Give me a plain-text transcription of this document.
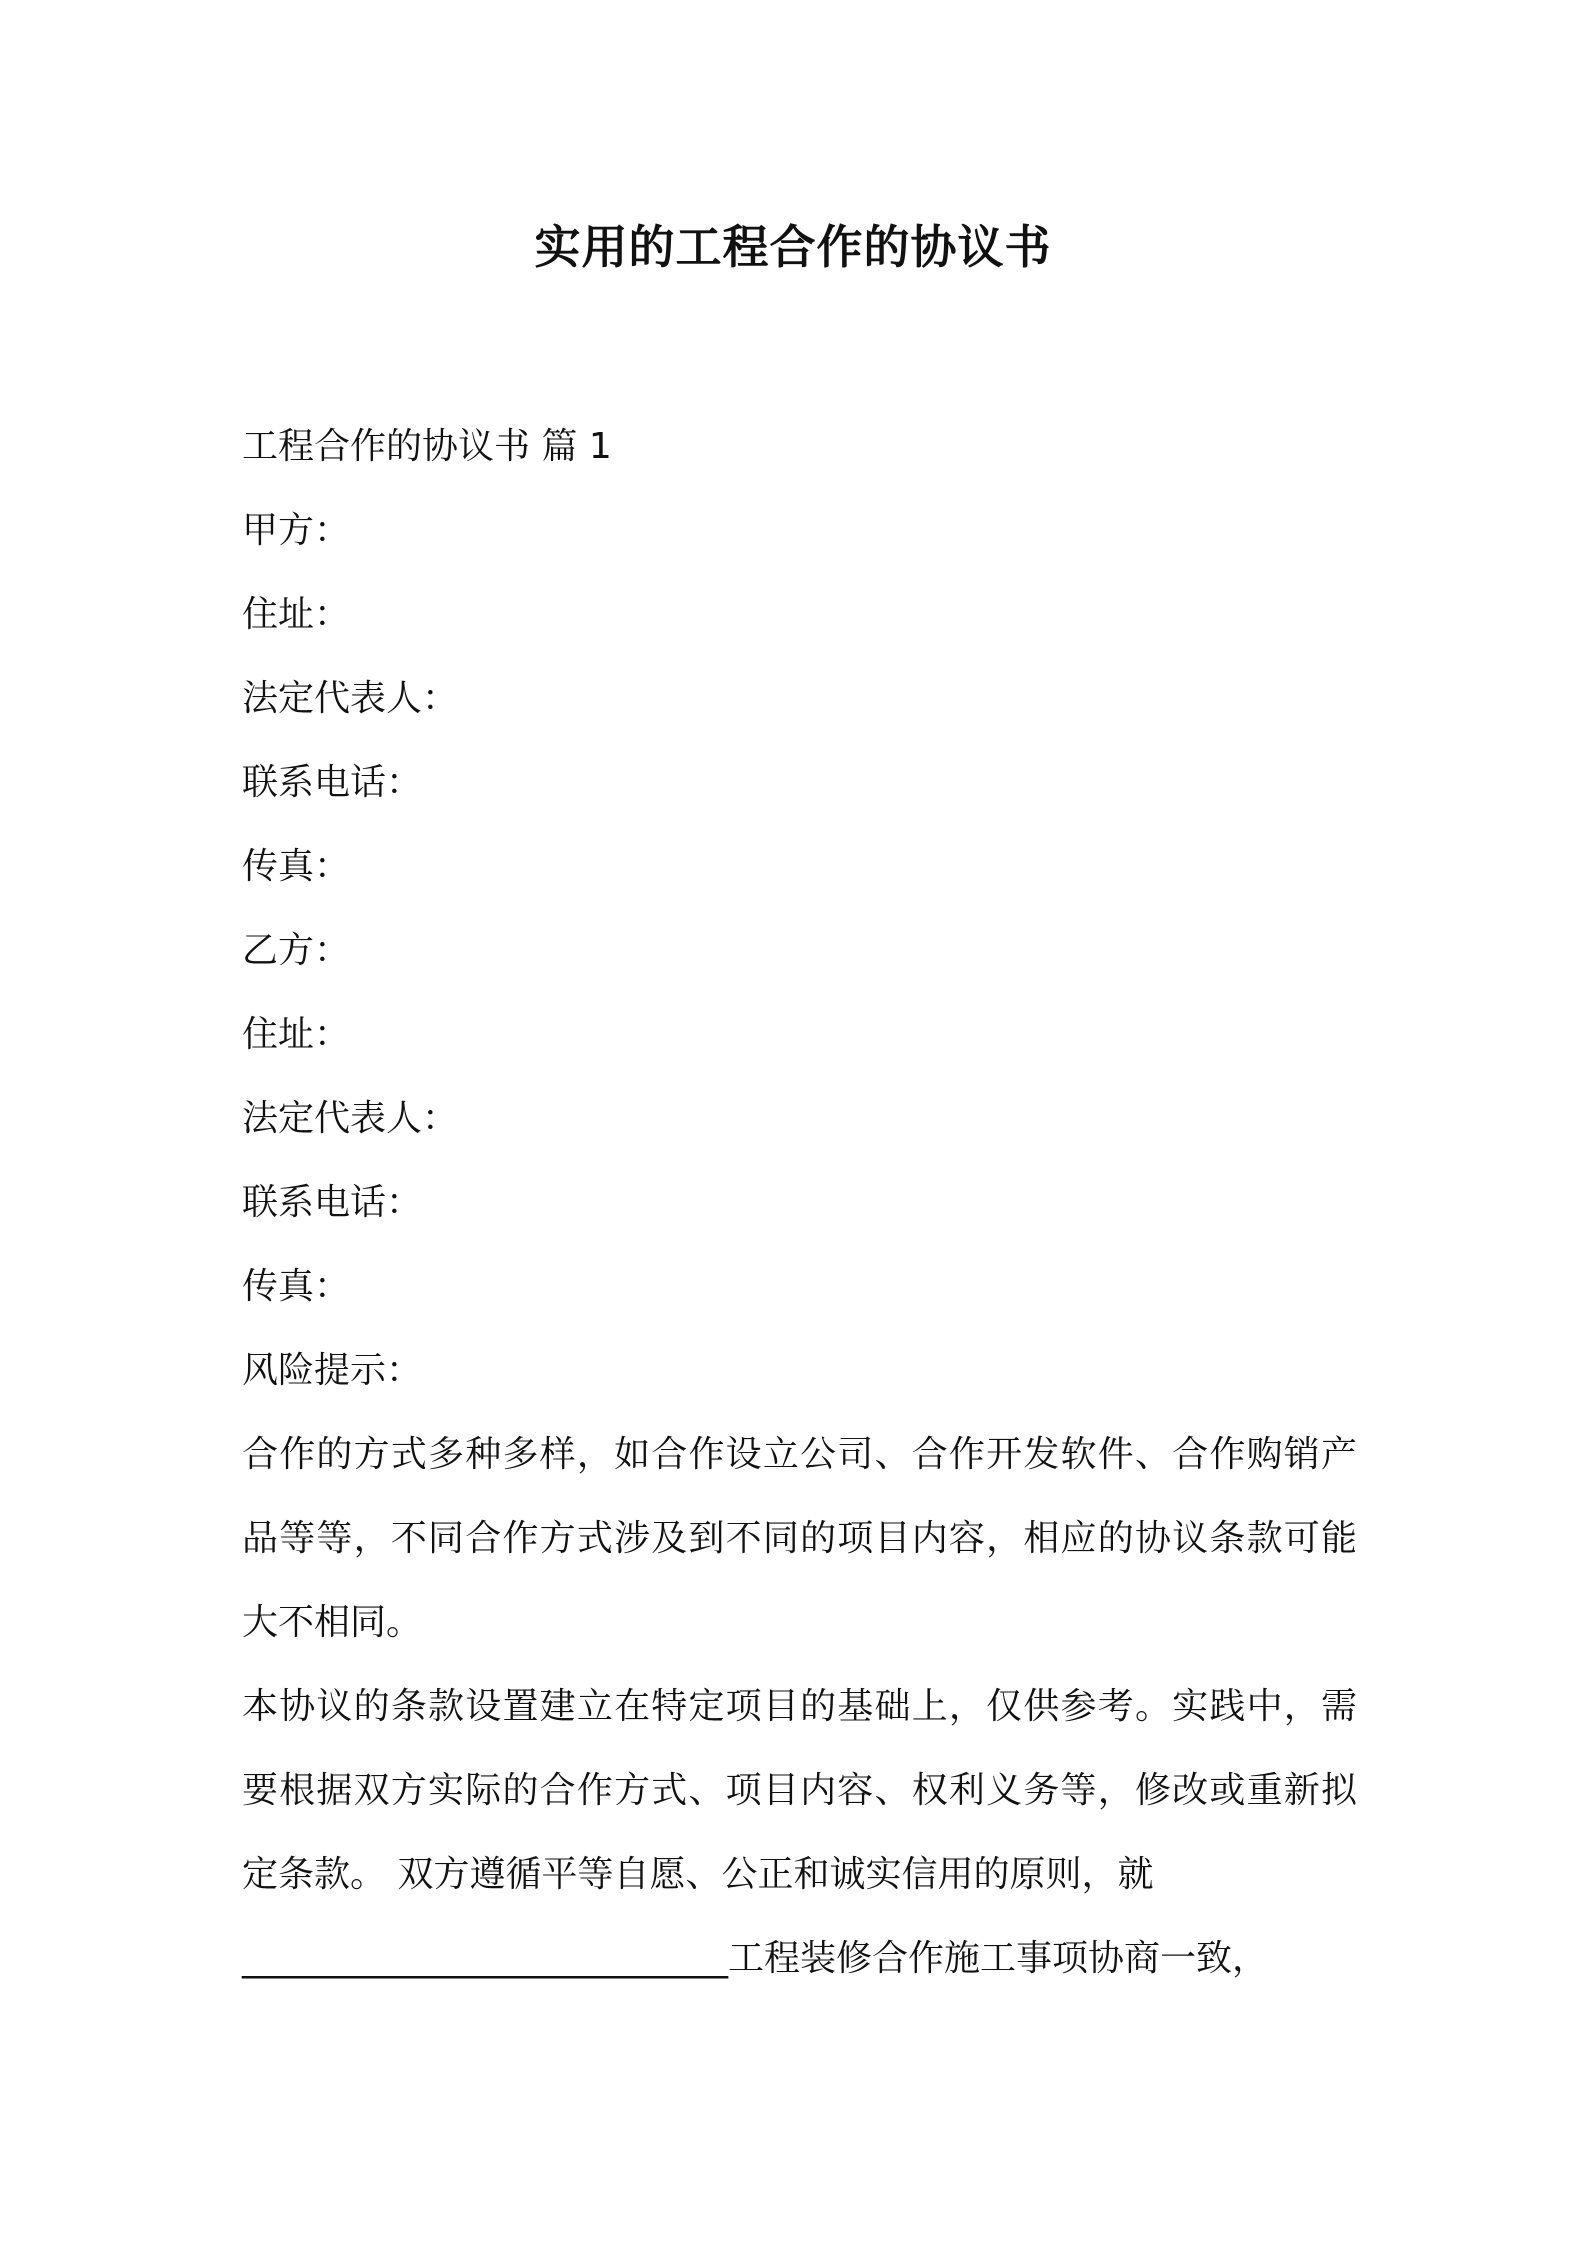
实用的工程合作的协议书
工程合作的协议书 篇 1
甲方：
住址：
法定代表人：
联系电话：
传真：
乙方：
住址：
法定代表人：
联系电话：
传真：
风险提示：
合作的方式多种多样，如合作设立公司、合作开发软件、合作购销产品等等，不同合作方式涉及到不同的项目内容，相应的协议条款可能大不相同。
本协议的条款设置建立在特定项目的基础上，仅供参考。实践中，需要根据双方实际的合作方式、项目内容、权利义务等，修改或重新拟定条款。 双方遵循平等自愿、公正和诚实信用的原则，就
___________________________工程装修合作施工事项协商一致，
